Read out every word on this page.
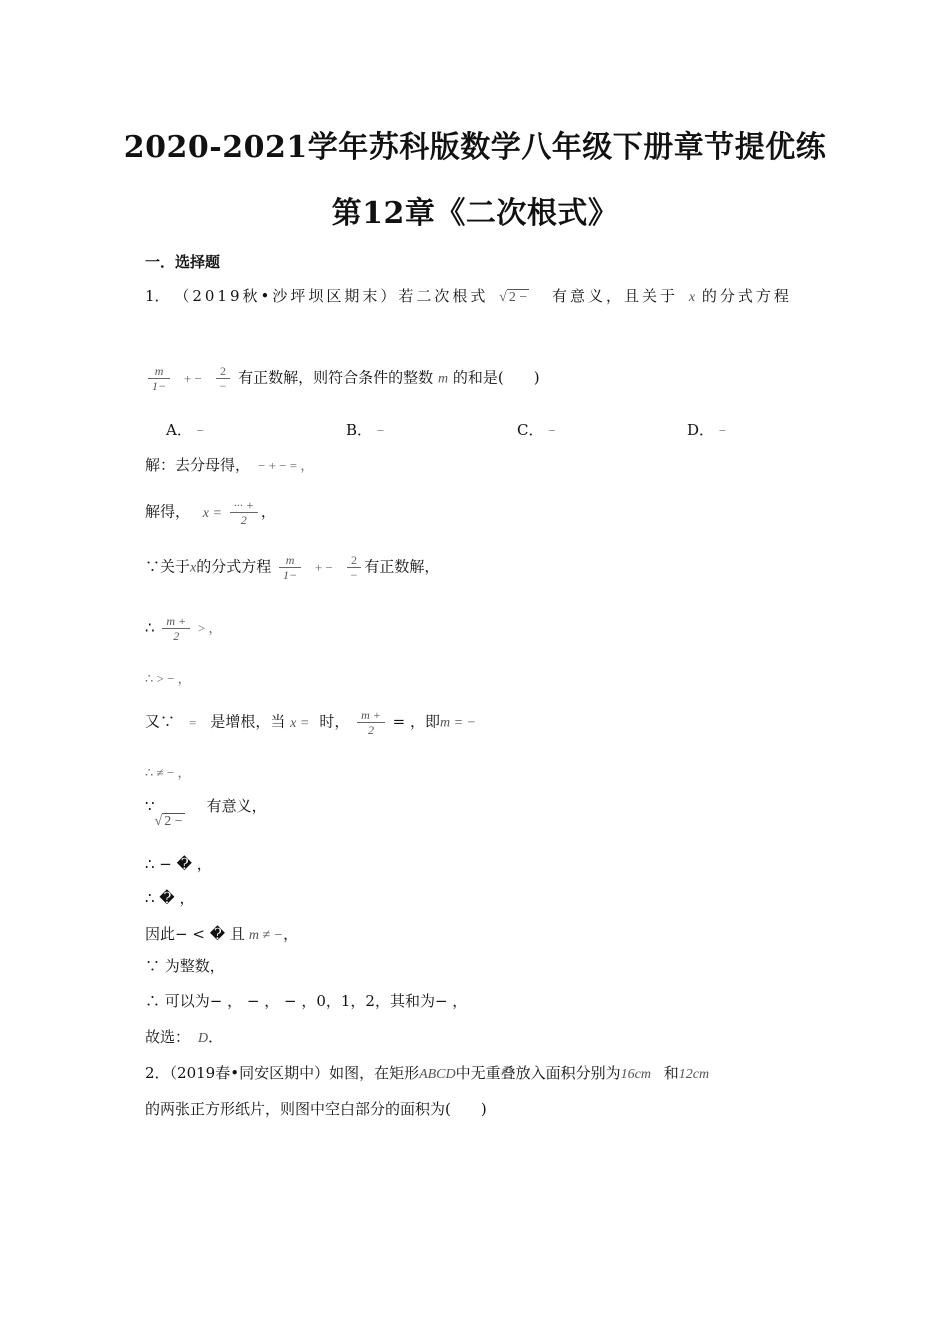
2020-2021学年苏科版数学八年级下册章节提优练
第12章《二次根式》
一．选择题
1． （2019秋•沙坪坝区期末）若二次根式 √ 2 − 有意义，且关于 x 的分式方程
$\frac{m}{1-}$ + − $\frac{2}{-}$ 有正数解，则符合条件的整数 m 的和是(　　)
A． −	B． −	C． −	D． −
解：去分母得， − + − = ，
解得， $x = \frac{\cdot\cdot\cdot +}{2}$ ，
∵关于x的分式方程 $\frac{m}{1-}$ + − $\frac{2}{-}$ 有正数解，
∴ $\frac{m +}{2}$ > ，
∴ > − ，
又∵ = 是增根，当 x = 时， $\frac{m +}{2}$ = ，即m = −
∴ ≠ − ，
∵√ 2 −有意义，
∴ − � ，
∴ � ，
因此− < � 且 m ≠ −，
∵ 为整数，
∴ 可以为− ， − ， − ，0，1，2，其和为− ，
故选： D．
2．（2019春•同安区期中）如图，在矩形ABCD中无重叠放入面积分别为16cm 和12cm
的两张正方形纸片，则图中空白部分的面积为(　　)
